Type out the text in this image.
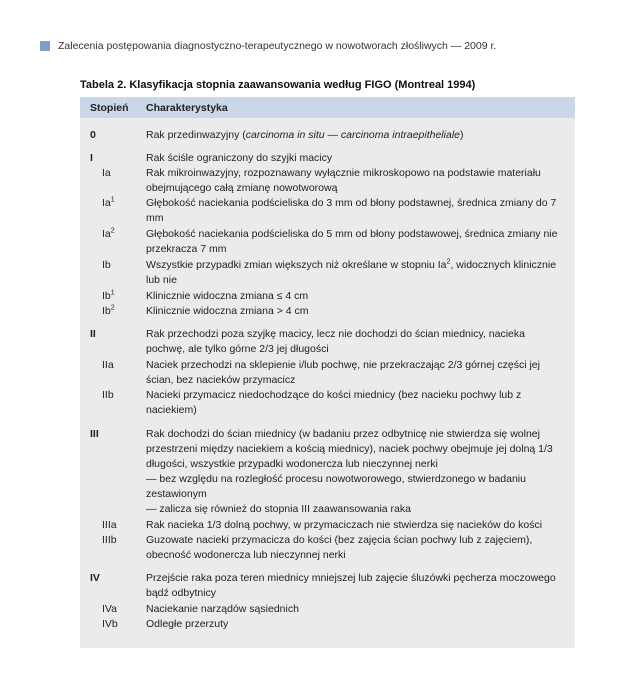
Zalecenia postępowania diagnostyczno-terapeutycznego w nowotworach złośliwych — 2009 r.
Tabela 2. Klasyfikacja stopnia zaawansowania według FIGO (Montreal 1994)
Stopień	Charakterystyka
0	Rak przedinwazyjny (carcinoma in situ — carcinoma intraepitheliale)
I	Rak ściśle ograniczony do szyjki macicy
Ia	Rak mikroinwazyjny, rozpoznawany wyłącznie mikroskopowo na podstawie materiału obejmującego całą zmianę nowotworową
Ia$^1$	Głębokość naciekania podścieliska do 3 mm od błony podstawnej, średnica zmiany do 7 mm
Ia$^2$	Głębokość naciekania podścieliska do 5 mm od błony podstawowej, średnica zmiany nie przekracza 7 mm
Ib	Wszystkie przypadki zmian większych niż określane w stopniu Ia$^2$, widocznych klinicznie lub nie
Ib$^1$	Klinicznie widoczna zmiana ≤ 4 cm
Ib$^2$	Klinicznie widoczna zmiana > 4 cm
II	Rak przechodzi poza szyjkę macicy, lecz nie dochodzi do ścian miednicy, nacieka pochwę, ale tylko górne 2/3 jej długości
IIa	Naciek przechodzi na sklepienie i/lub pochwę, nie przekraczając 2/3 górnej części jej ścian, bez nacieków przymacicz
IIb	Nacieki przymacicz niedochodzące do kości miednicy (bez nacieku pochwy lub z naciekiem)
III	Rak dochodzi do ścian miednicy (w badaniu przez odbytnicę nie stwierdza się wolnej przestrzeni między naciekiem a kością miednicy), naciek pochwy obejmuje jej dolną 1/3 długości, wszystkie przypadki wodonercza lub nieczynnej nerki
— bez względu na rozległość procesu nowotworowego, stwierdzonego w badaniu zestawionym
— zalicza się również do stopnia III zaawansowania raka
IIIa	Rak nacieka 1/3 dolną pochwy, w przymaciczach nie stwierdza się nacieków do kości
IIIb	Guzowate nacieki przymacicza do kości (bez zajęcia ścian pochwy lub z zajęciem), obecność wodonercza lub nieczynnej nerki
IV	Przejście raka poza teren miednicy mniejszej lub zajęcie śluzówki pęcherza moczowego bądź odbytnicy
IVa	Naciekanie narządów sąsiednich
IVb	Odległe przerzuty
